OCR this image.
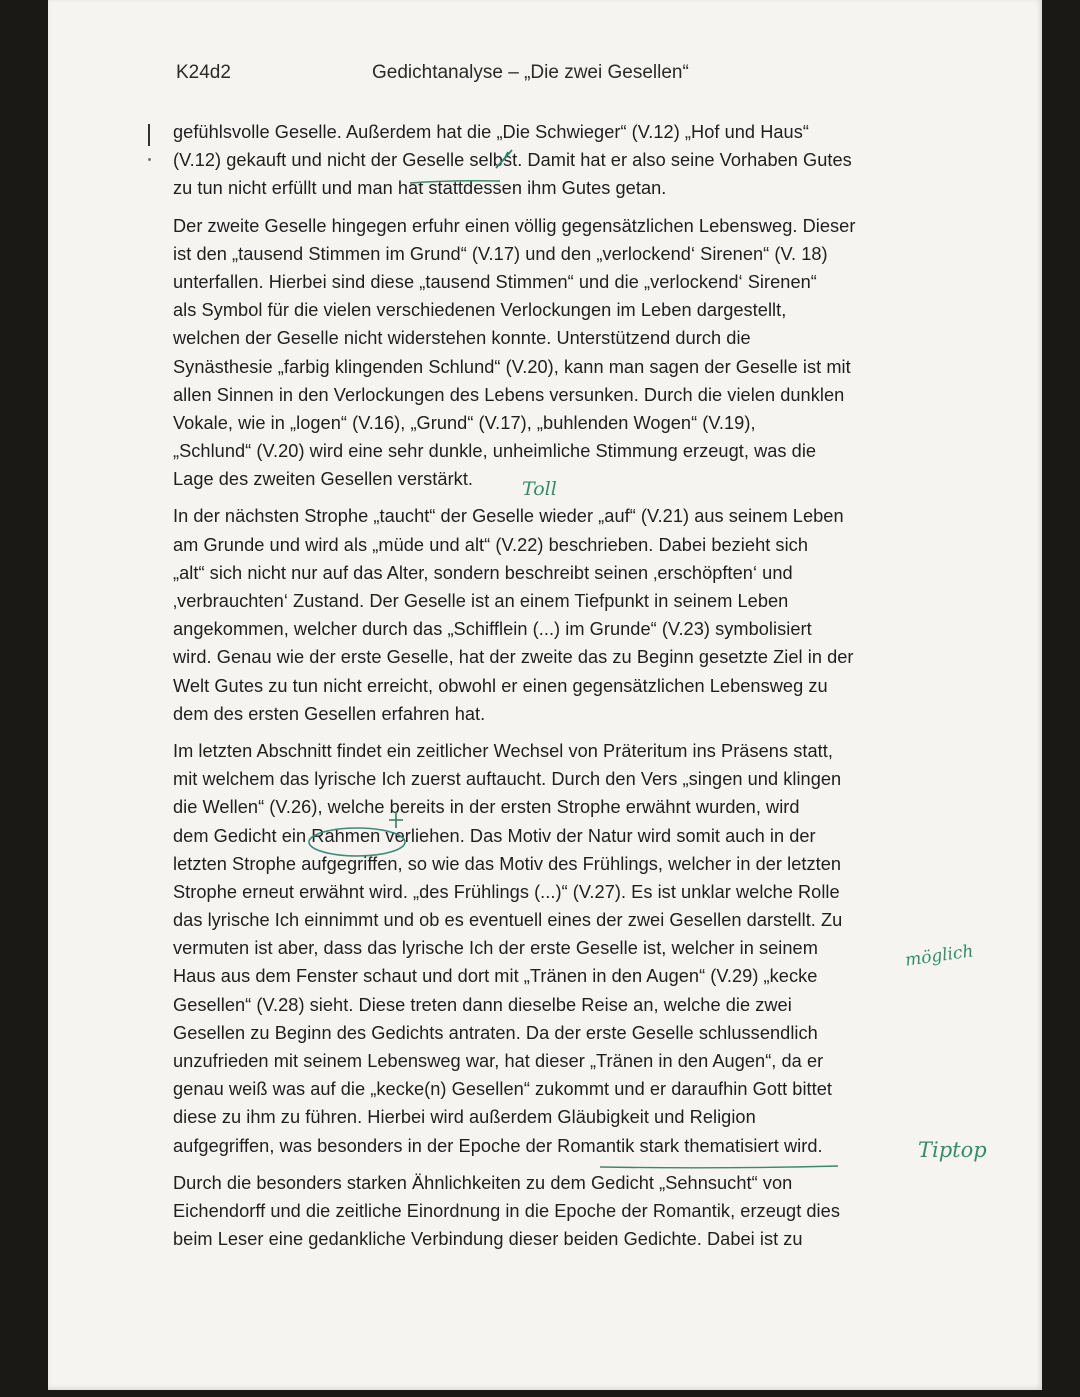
K24d2	Gedichtanalyse – „Die zwei Gesellen“
gefühlsvolle Geselle. Außerdem hat die „Die Schwieger“ (V.12) „Hof und Haus“
(V.12) gekauft und nicht der Geselle selbst. Damit hat er also seine Vorhaben Gutes
zu tun nicht erfüllt und man hat stattdessen ihm Gutes getan.
Der zweite Geselle hingegen erfuhr einen völlig gegensätzlichen Lebensweg. Dieser
ist den „tausend Stimmen im Grund“ (V.17) und den „verlockend‘ Sirenen“ (V. 18)
unterfallen. Hierbei sind diese „tausend Stimmen“ und die „verlockend‘ Sirenen“
als Symbol für die vielen verschiedenen Verlockungen im Leben dargestellt,
welchen der Geselle nicht widerstehen konnte. Unterstützend durch die
Synästhesie „farbig klingenden Schlund“ (V.20), kann man sagen der Geselle ist mit
allen Sinnen in den Verlockungen des Lebens versunken. Durch die vielen dunklen
Vokale, wie in „logen“ (V.16), „Grund“ (V.17), „buhlenden Wogen“ (V.19),
„Schlund“ (V.20) wird eine sehr dunkle, unheimliche Stimmung erzeugt, was die
Lage des zweiten Gesellen verstärkt.
In der nächsten Strophe „taucht“ der Geselle wieder „auf“ (V.21) aus seinem Leben
am Grunde und wird als „müde und alt“ (V.22) beschrieben. Dabei bezieht sich
„alt“ sich nicht nur auf das Alter, sondern beschreibt seinen ‚erschöpften‘ und
‚verbrauchten‘ Zustand. Der Geselle ist an einem Tiefpunkt in seinem Leben
angekommen, welcher durch das „Schifflein (...) im Grunde“ (V.23) symbolisiert
wird. Genau wie der erste Geselle, hat der zweite das zu Beginn gesetzte Ziel in der
Welt Gutes zu tun nicht erreicht, obwohl er einen gegensätzlichen Lebensweg zu
dem des ersten Gesellen erfahren hat.
Im letzten Abschnitt findet ein zeitlicher Wechsel von Präteritum ins Präsens statt,
mit welchem das lyrische Ich zuerst auftaucht. Durch den Vers „singen und klingen
die Wellen“ (V.26), welche bereits in der ersten Strophe erwähnt wurden, wird
dem Gedicht ein Rahmen verliehen. Das Motiv der Natur wird somit auch in der
letzten Strophe aufgegriffen, so wie das Motiv des Frühlings, welcher in der letzten
Strophe erneut erwähnt wird. „des Frühlings (...)“ (V.27). Es ist unklar welche Rolle
das lyrische Ich einnimmt und ob es eventuell eines der zwei Gesellen darstellt. Zu
vermuten ist aber, dass das lyrische Ich der erste Geselle ist, welcher in seinem
Haus aus dem Fenster schaut und dort mit „Tränen in den Augen“ (V.29) „kecke
Gesellen“ (V.28) sieht. Diese treten dann dieselbe Reise an, welche die zwei
Gesellen zu Beginn des Gedichts antraten. Da der erste Geselle schlussendlich
unzufrieden mit seinem Lebensweg war, hat dieser „Tränen in den Augen“, da er
genau weiß was auf die „kecke(n) Gesellen“ zukommt und er daraufhin Gott bittet
diese zu ihm zu führen. Hierbei wird außerdem Gläubigkeit und Religion
aufgegriffen, was besonders in der Epoche der Romantik stark thematisiert wird.
Durch die besonders starken Ähnlichkeiten zu dem Gedicht „Sehnsucht“ von
Eichendorff und die zeitliche Einordnung in die Epoche der Romantik, erzeugt dies
beim Leser eine gedankliche Verbindung dieser beiden Gedichte. Dabei ist zu
Toll
möglich
Tiptop
